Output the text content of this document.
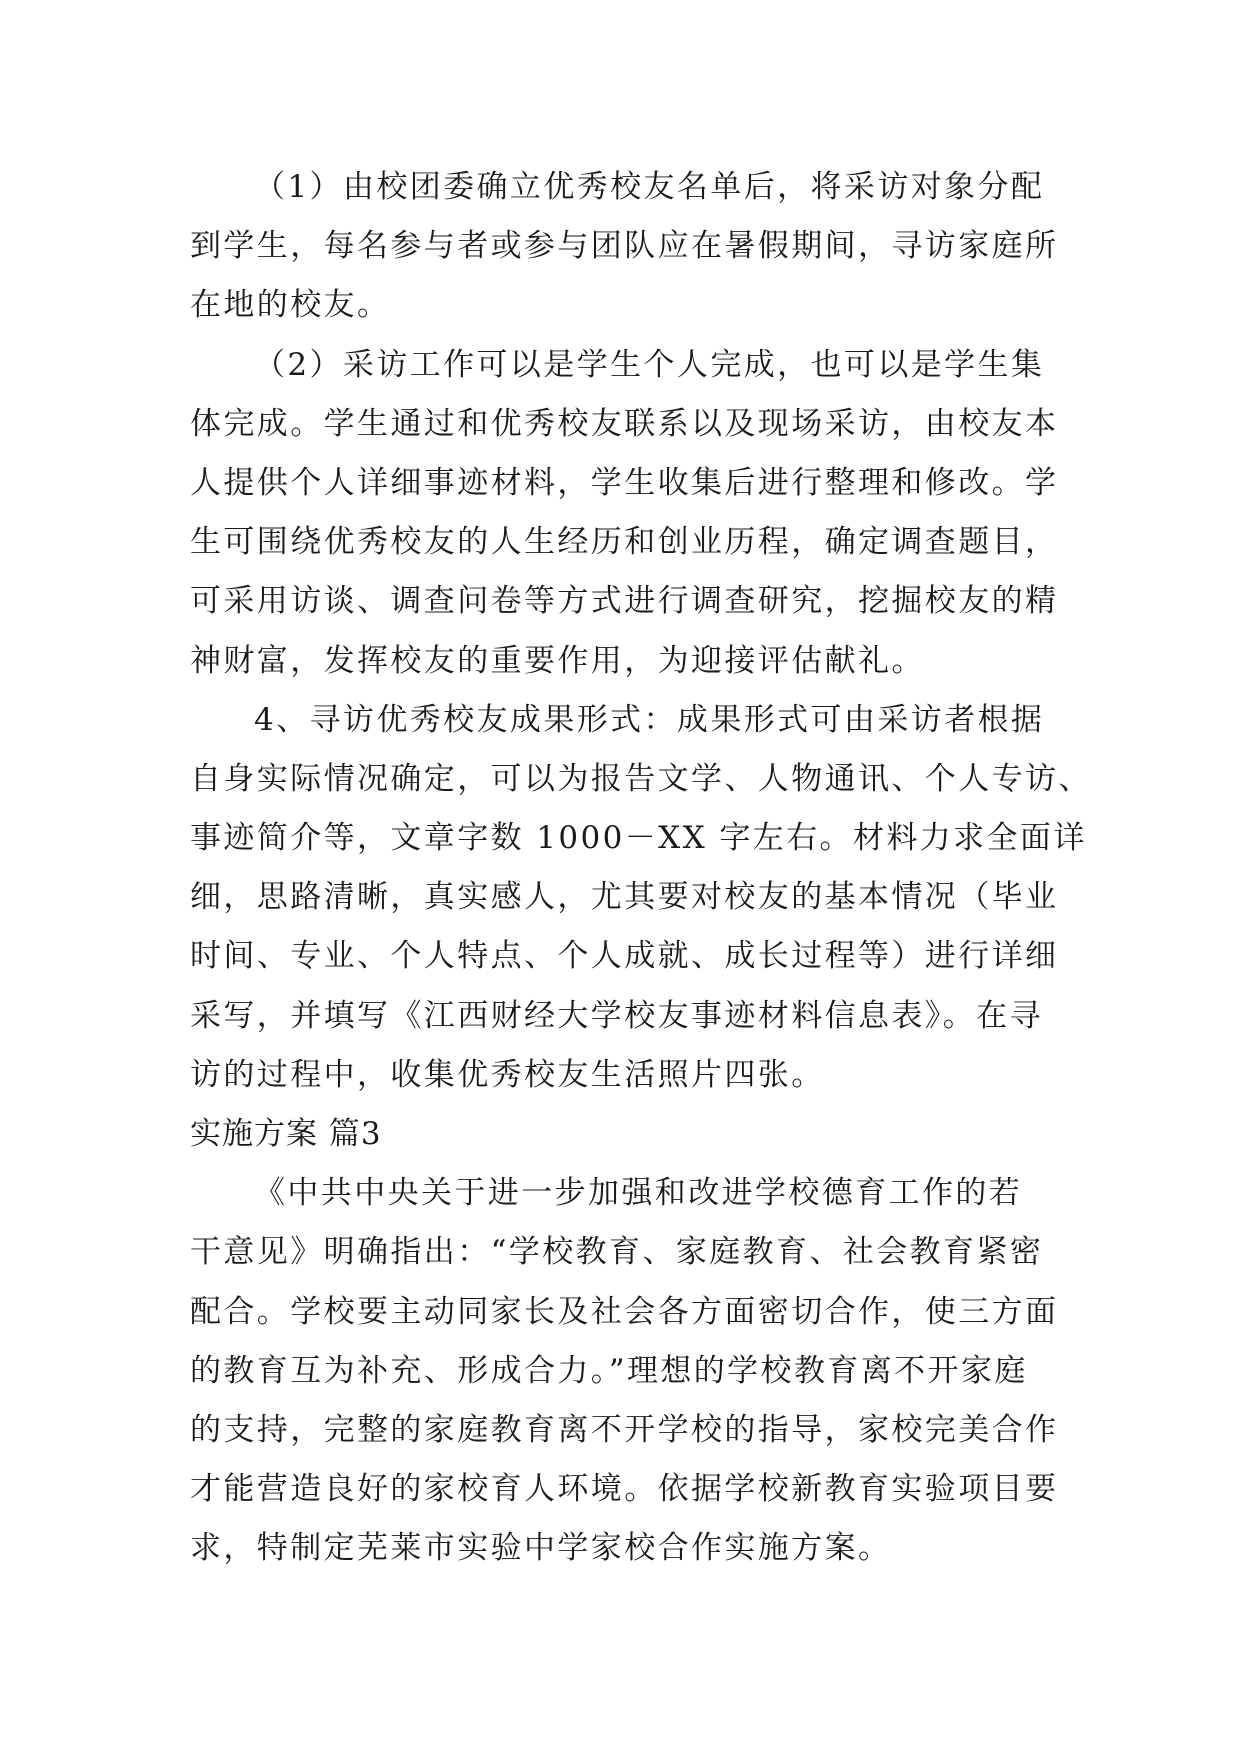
（1）由校团委确立优秀校友名单后，将采访对象分配
到学生，每名参与者或参与团队应在暑假期间，寻访家庭所
在地的校友。
（2）采访工作可以是学生个人完成，也可以是学生集
体完成。学生通过和优秀校友联系以及现场采访，由校友本
人提供个人详细事迹材料，学生收集后进行整理和修改。学
生可围绕优秀校友的人生经历和创业历程，确定调查题目，
可采用访谈、调查问卷等方式进行调查研究，挖掘校友的精
神财富，发挥校友的重要作用，为迎接评估献礼。
4、寻访优秀校友成果形式：成果形式可由采访者根据
自身实际情况确定，可以为报告文学、人物通讯、个人专访、
事迹简介等，文章字数 1000－XX 字左右。材料力求全面详
细，思路清晰，真实感人，尤其要对校友的基本情况（毕业
时间、专业、个人特点、个人成就、成长过程等）进行详细
采写，并填写《江西财经大学校友事迹材料信息表》。在寻
访的过程中，收集优秀校友生活照片四张。
实施方案 篇3
《中共中央关于进一步加强和改进学校德育工作的若
干意见》明确指出：“学校教育、家庭教育、社会教育紧密
配合。学校要主动同家长及社会各方面密切合作，使三方面
的教育互为补充、形成合力。”理想的学校教育离不开家庭
的支持，完整的家庭教育离不开学校的指导，家校完美合作
才能营造良好的家校育人环境。依据学校新教育实验项目要
求，特制定芜莱市实验中学家校合作实施方案。
